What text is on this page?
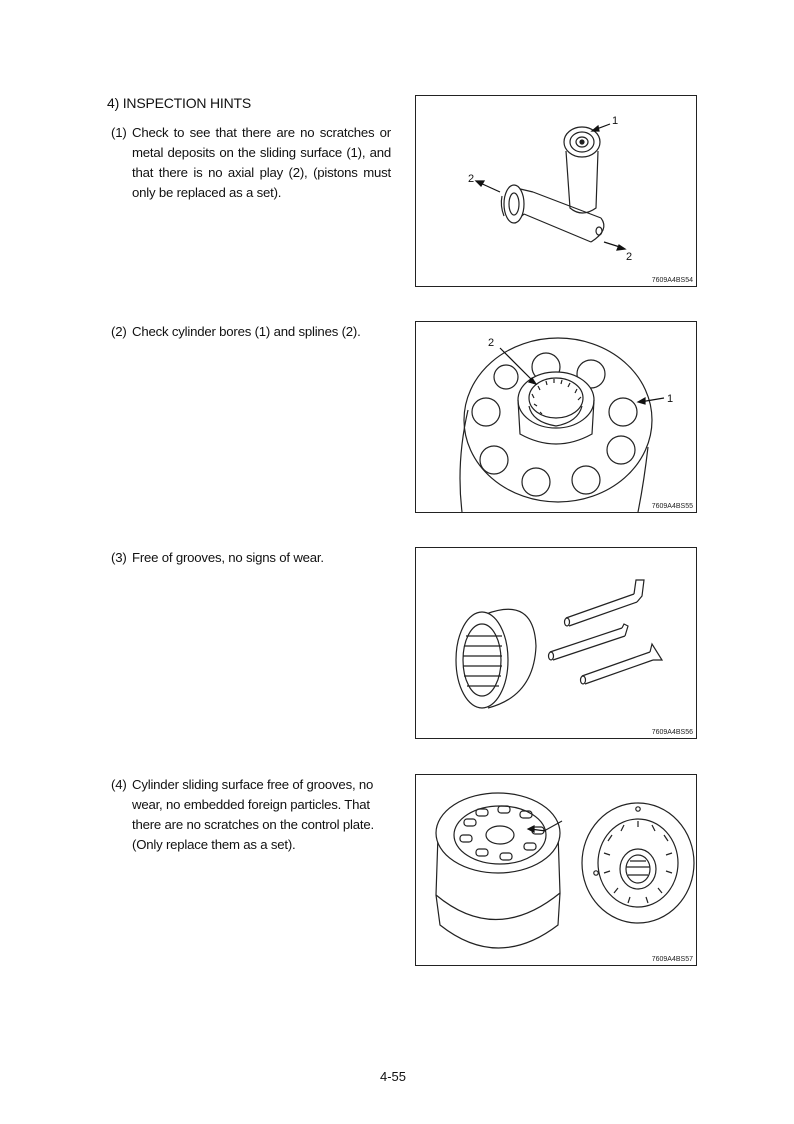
4) INSPECTION HINTS
(1) Check to see that there are no scratches or metal deposits on the sliding surface (1), and that there is no axial play (2), (pistons must only be replaced as a set).
(2) Check cylinder bores (1) and splines (2).
(3) Free of grooves, no signs of wear.
(4) Cylinder sliding surface free of grooves, no wear, no embedded foreign particles. That there are no scratches on the control plate. (Only replace them as a set).
1
2
2
7609A4BS54
2
1
7609A4BS55
7609A4BS56
7609A4BS57
4-55
